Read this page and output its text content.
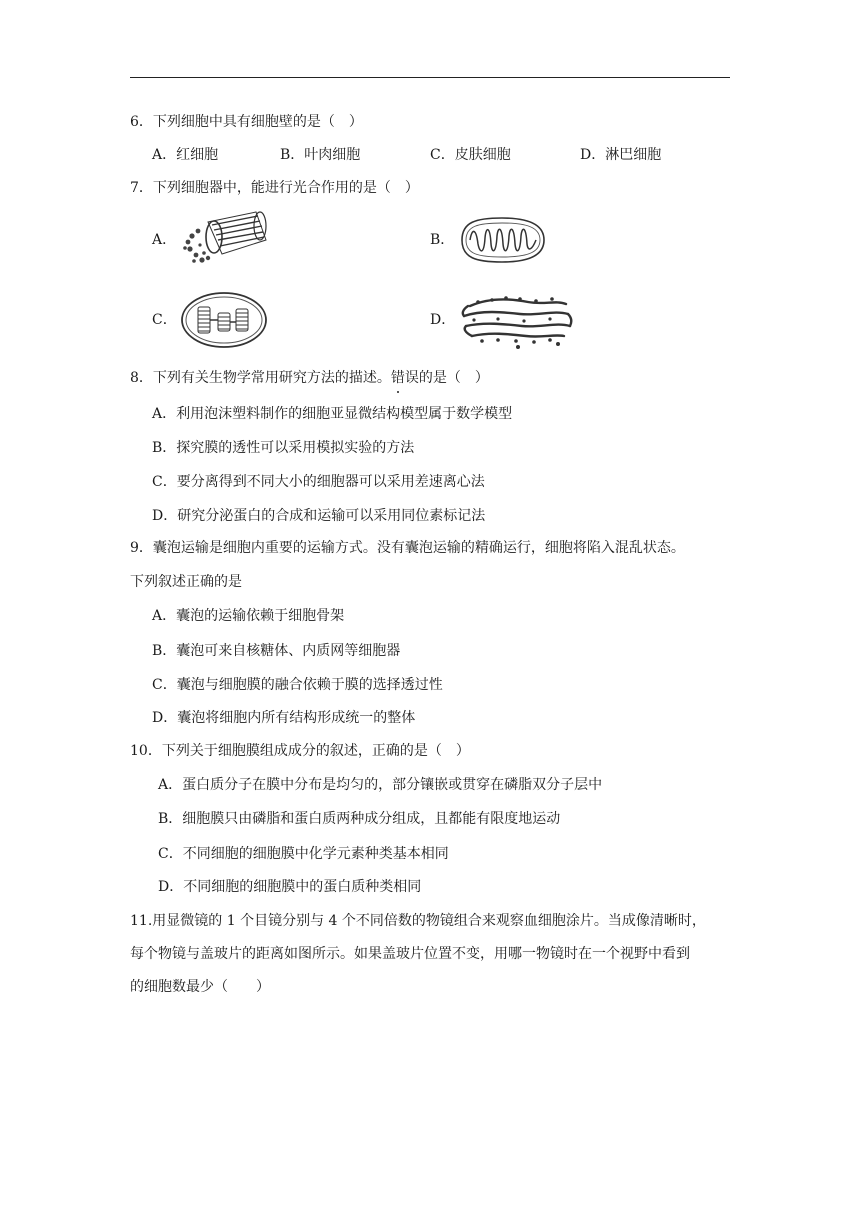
6．下列细胞中具有细胞壁的是（　）
A．红细胞	B．叶肉细胞	C．皮肤细胞	D．淋巴细胞
7．下列细胞器中，能进行光合作用的是（　）
A．	B．
C．	D．
8．下列有关生物学常用研究方法的描述。错误的是（　）
A．利用泡沫塑料制作的细胞亚显微结构模型属于数学模型
B．探究膜的透性可以采用模拟实验的方法
C．要分离得到不同大小的细胞器可以采用差速离心法
D．研究分泌蛋白的合成和运输可以采用同位素标记法
9．囊泡运输是细胞内重要的运输方式。没有囊泡运输的精确运行，细胞将陷入混乱状态。
下列叙述正确的是
A．囊泡的运输依赖于细胞骨架
B．囊泡可来自核糖体、内质网等细胞器
C．囊泡与细胞膜的融合依赖于膜的选择透过性
D．囊泡将细胞内所有结构形成统一的整体
10．下列关于细胞膜组成成分的叙述，正确的是（　）
A．蛋白质分子在膜中分布是均匀的，部分镶嵌或贯穿在磷脂双分子层中
B．细胞膜只由磷脂和蛋白质两种成分组成，且都能有限度地运动
C．不同细胞的细胞膜中化学元素种类基本相同
D．不同细胞的细胞膜中的蛋白质种类相同
11.用显微镜的 1 个目镜分别与 4 个不同倍数的物镜组合来观察血细胞涂片。当成像清晰时，
每个物镜与盖玻片的距离如图所示。如果盖玻片位置不变，用哪一物镜时在一个视野中看到
的细胞数最少（　　）
